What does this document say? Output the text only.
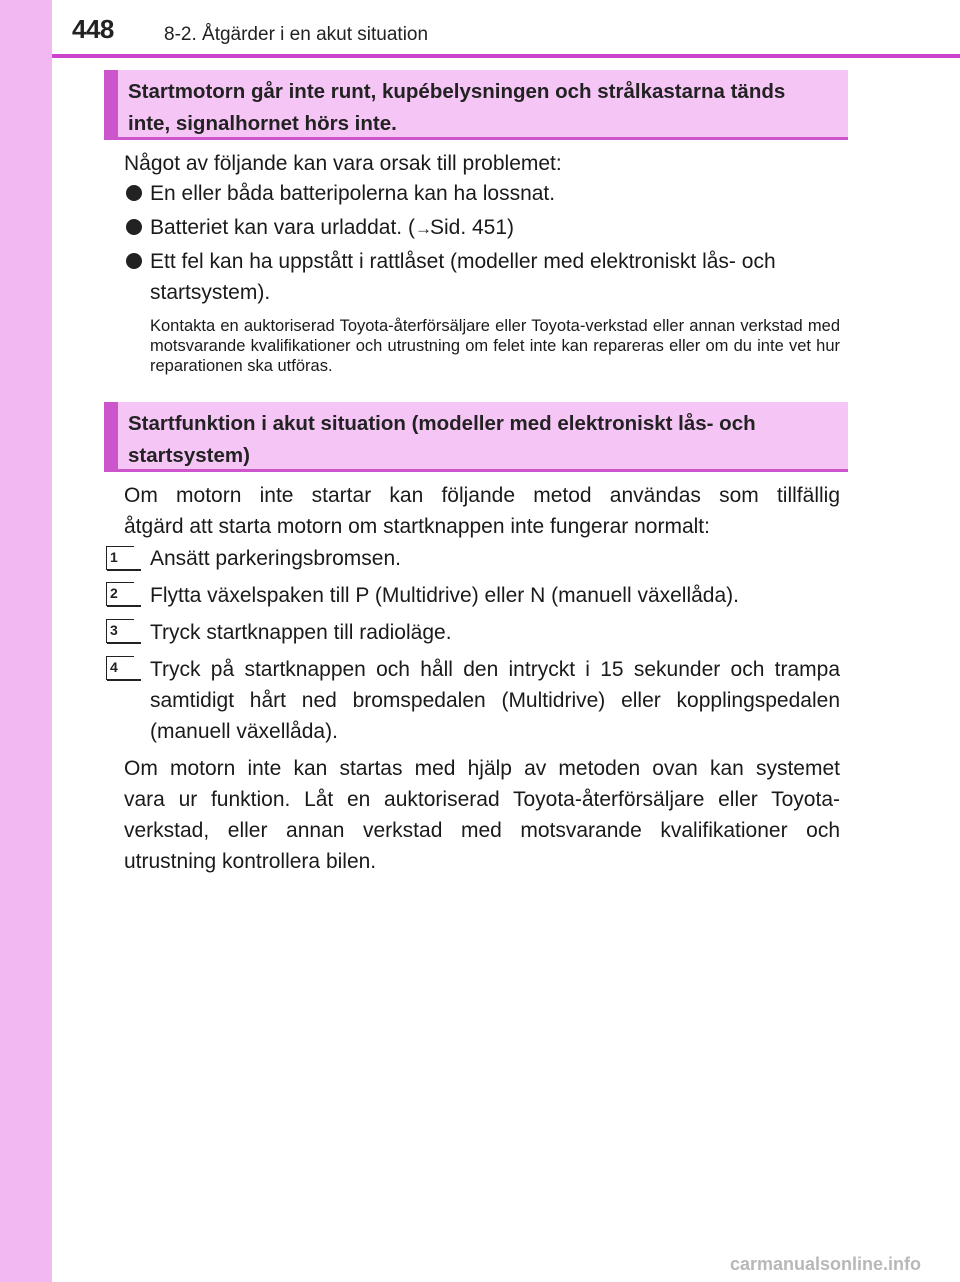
448	8-2. Åtgärder i en akut situation
Startmotorn går inte runt, kupébelysningen och strålkastarna tänds
inte, signalhornet hörs inte.
Något av följande kan vara orsak till problemet:
En eller båda batteripolerna kan ha lossnat.
Batteriet kan vara urladdat. (→Sid. 451)
Ett fel kan ha uppstått i rattlåset (modeller med elektroniskt lås- och
startsystem).
Kontakta en auktoriserad Toyota-återförsäljare eller Toyota-verkstad eller annan verkstad med motsvarande kvalifikationer och utrustning om felet inte kan repareras eller om du inte vet hur reparationen ska utföras.
Startfunktion i akut situation (modeller med elektroniskt lås- och
startsystem)
Om motorn inte startar kan följande metod användas som tillfällig
åtgärd att starta motorn om startknappen inte fungerar normalt:
1	Ansätt parkeringsbromsen.
2	Flytta växelspaken till P (Multidrive) eller N (manuell växellåda).
3	Tryck startknappen till radioläge.
4	Tryck på startknappen och håll den intryckt i 15 sekunder och trampa
samtidigt hårt ned bromspedalen (Multidrive) eller kopplingspedalen
(manuell växellåda).
Om motorn inte kan startas med hjälp av metoden ovan kan systemet
vara ur funktion. Låt en auktoriserad Toyota-återförsäljare eller Toyota-
verkstad, eller annan verkstad med motsvarande kvalifikationer och
utrustning kontrollera bilen.
carmanualsonline.info
